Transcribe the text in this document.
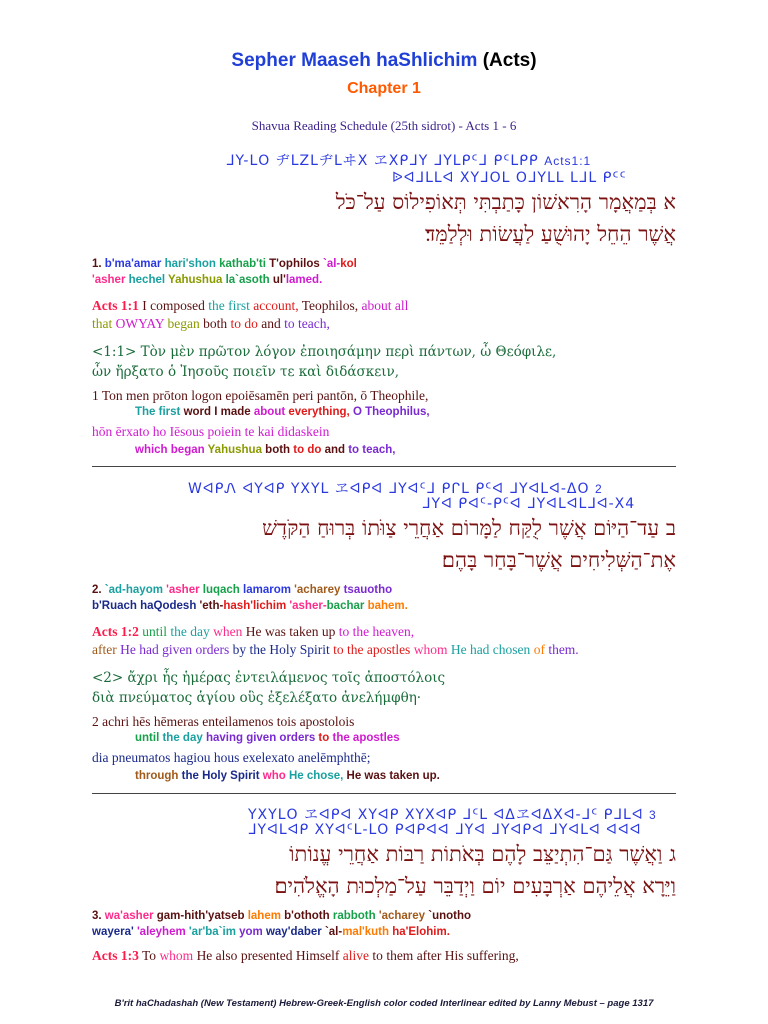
Sepher Maaseh haShlichim (Acts)
Chapter 1
Shavua Reading Schedule (25th sidrot) - Acts 1 - 6
ᒧY-ᒪO ヂᒪZᒪヂᒪヰX ヱXᑭᒧY ᒧYᒪᑭᑦᒧ ᑭᑦᒪᑭᑭ Acts1:1
ᐉᐊᒧᒪᒪᐊ XYᒧOᒪ OᒧYᒪᒪ ᒪᒧᒪ ᑭᑦᑦ
א בְּמַאֲמָר הָרִאשׁוֹן כָּתַבְתִּי תְּאוֹפִילוֹס עַל־כֹּל
אֲשֶׁר הֵחֵל יָהוּשֻׁעַ לַעֲשׂוֹת וּלְלַמֵּד׃
1. b'ma'amar hari'shon kathab'ti T'ophilos `al-kol
'asher hechel Yahushua la`asoth ul'lamed.
Acts 1:1 I composed the first account, Teophilos, about all
that OWYAY began both to do and to teach,
<1:1> Τὸν μὲν πρῶτον λόγον ἐποιησάμην περὶ πάντων, ὦ Θεόφιλε,
ὧν ἤρξατο ὁ Ἰησοῦς ποιεῖν τε καὶ διδάσκειν,
1 Ton men prōton logon epoiēsamēn peri pantōn, ō Theophile,
The first word I made about everything, O Theophilus,
hōn ērxato ho Iēsous poiein te kai didaskein
which began Yahushua both to do and to teach,
WᐊᑭᏁ ᐊYᐊᑭ YXYᒪ ヱᐊᑭᐊ ᒧYᐊᑦᒧ ᑭᒋᒪ ᑭᑦᐊ ᒧYᐊᒪᐊ-ᐃO 2
ᒧYᐊ ᑭᐊᑦ-ᑭᑦᐊ ᒧYᐊᒪᐊᒪᒧᐊ-X4
ב עַד־הַיּוֹם אֲשֶׁר לֻקַּח לַמָּרוֹם אַחֲרֵי צַוֹּתוֹ בְּרוּחַ הַקֹּדֶשׁ
אֶת־הַשְּׁלִיחִים אֲשֶׁר־בָּחַר בָּהֶם׃
2. `ad-hayom 'asher luqach lamarom 'acharey tsauotho
b'Ruach haQodesh 'eth-hash'lichim 'asher-bachar bahem.
Acts 1:2 until the day when He was taken up to the heaven,
after He had given orders by the Holy Spirit to the apostles whom He had chosen of them.
<2> ἄχρι ἧς ἡμέρας ἐντειλάμενος τοῖς ἀποστόλοις
διὰ πνεύματος ἁγίου οὓς ἐξελέξατο ἀνελήμφθη·
2 achri hēs hēmeras enteilamenos tois apostolois
until the day having given orders to the apostles
dia pneumatos hagiou hous exelexato anelēmphthē;
through the Holy Spirit who He chose, He was taken up.
YXYᒪO ヱᐊᑭᐊ XYᐊᑭ XYXᐊᑭ ᒧᑦᒪ ᐊᐃヱᐊᐃXᐊ-ᒧᑦ ᑭᒧᒪᐊ 3
ᒧYᐊᒪᐊᑭ XYᐊᑦᒪ-ᒪO ᑭᐊᑭᐊᐊ ᒧYᐊ ᒧYᐊᑭᐊ ᒧYᐊᒪᐊ ᐊᐊᐊ
ג וַאֲשֶׁר גַּם־הִתְיַצֵּב לָהֶם בְּאֹתוֹת רַבּוֹת אַחֲרֵי עֱנוֹתוֹ
וַיֵּרָא אֲלֵיהֶם אַרְבָּעִים יוֹם וַיְדַבֵּר עַל־מַלְכוּת הָאֱלֹהִים׃
3. wa'asher gam-hith'yatseb lahem b'othoth rabboth 'acharey `unotho
wayera' 'aleyhem 'ar'ba`im yom way'daber `al-mal'kuth ha'Elohim.
Acts 1:3 To whom He also presented Himself alive to them after His suffering,
B'rit haChadashah (New Testament) Hebrew-Greek-English color coded Interlinear edited by Lanny Mebust – page 1317
